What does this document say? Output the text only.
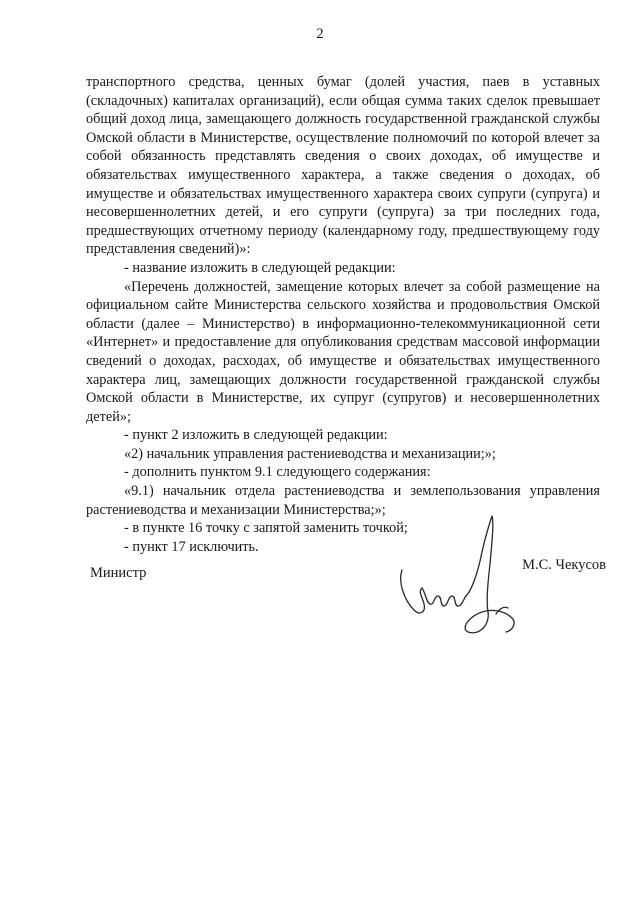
2

транспортного средства, ценных бумаг (долей участия, паев в уставных (складочных) капиталах организаций), если общая сумма таких сделок превышает общий доход лица, замещающего должность государственной гражданской службы Омской области в Министерстве, осуществление полномочий по которой влечет за собой обязанность представлять сведения о своих доходах, об имуществе и обязательствах имущественного характера, а также сведения о доходах, об имуществе и обязательствах имущественного характера своих супруги (супруга) и несовершеннолетних детей, и его супруги (супруга) за три последних года, предшествующих отчетному периоду (календарному году, предшествующему году представления сведений)»:

- название изложить в следующей редакции:

«Перечень должностей, замещение которых влечет за собой размещение на официальном сайте Министерства сельского хозяйства и продовольствия Омской области (далее – Министерство) в информационно-телекоммуникационной сети «Интернет» и предоставление для опубликования средствам массовой информации сведений о доходах, расходах, об имуществе и обязательствах имущественного характера лиц, замещающих должности государственной гражданской службы Омской области в Министерстве, их супруг (супругов) и несовершеннолетних детей»;

- пункт 2 изложить в следующей редакции:

«2) начальник управления растениеводства и механизации;»;

- дополнить пунктом 9.1 следующего содержания:

«9.1) начальник отдела растениеводства и землепользования управления растениеводства и механизации Министерства;»;

- в пункте 16 точку с запятой заменить точкой;

- пункт 17 исключить.

Министр	М.С. Чекусов
